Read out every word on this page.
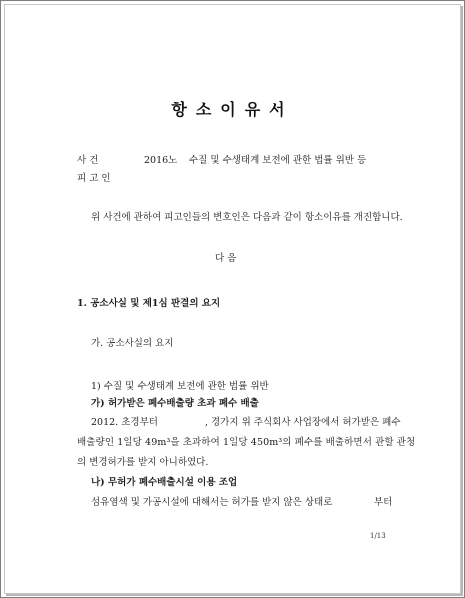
항소이유서
사 건	2016노 수질 및 수생태계 보전에 관한 법률 위반 등
피 고 인
위 사건에 관하여 피고인들의 변호인은 다음과 같이 항소이유를 개진합니다.
다 음
1. 공소사실 및 제1심 판결의 요지
가. 공소사실의 요지
1) 수질 및 수생태계 보전에 관한 법률 위반
가) 허가받은 폐수배출량 초과 폐수 배출
2012. 초경부터	, 경가지 위 주식회사 사업장에서 허가받은 폐수
배출량인 1일당 49m³을 초과하여 1일당 450m³의 폐수를 배출하면서 관할 관청
의 변경허가를 받지 아니하였다.
나) 무허가 폐수배출시설 이용 조업
섬유염색 및 가공시설에 대해서는 허가를 받지 않은 상태로	부터
1/13
